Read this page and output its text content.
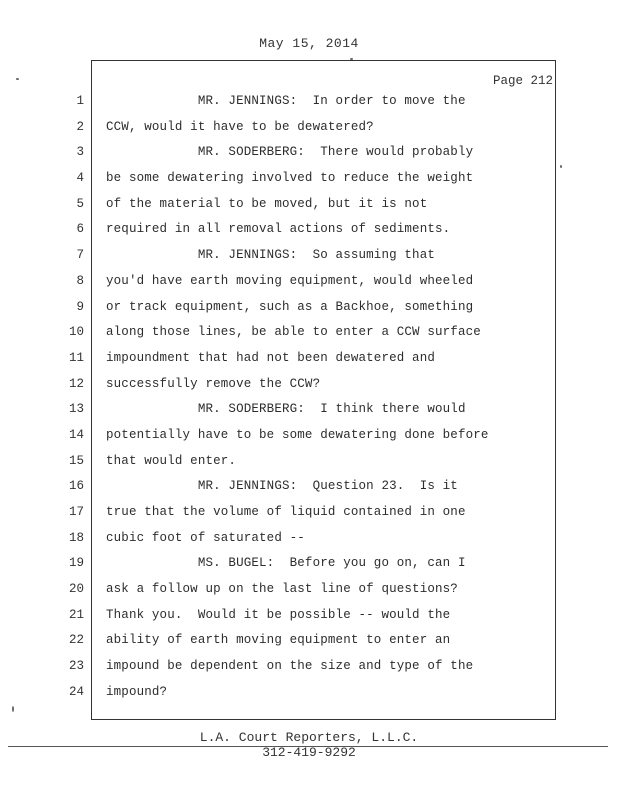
May 15, 2014
Page 212
1
2
3
4
5
6
7
8
9
10
11
12
13
14
15
16
17
18
19
20
21
22
23
24
MR. JENNINGS:  In order to move the
CCW, would it have to be dewatered?
MR. SODERBERG:  There would probably
be some dewatering involved to reduce the weight
of the material to be moved, but it is not
required in all removal actions of sediments.
MR. JENNINGS:  So assuming that
you'd have earth moving equipment, would wheeled
or track equipment, such as a Backhoe, something
along those lines, be able to enter a CCW surface
impoundment that had not been dewatered and
successfully remove the CCW?
MR. SODERBERG:  I think there would
potentially have to be some dewatering done before
that would enter.
MR. JENNINGS:  Question 23.  Is it
true that the volume of liquid contained in one
cubic foot of saturated --
MS. BUGEL:  Before you go on, can I
ask a follow up on the last line of questions?
Thank you.  Would it be possible -- would the
ability of earth moving equipment to enter an
impound be dependent on the size and type of the
impound?
L.A. Court Reporters, L.L.C.
312-419-9292
